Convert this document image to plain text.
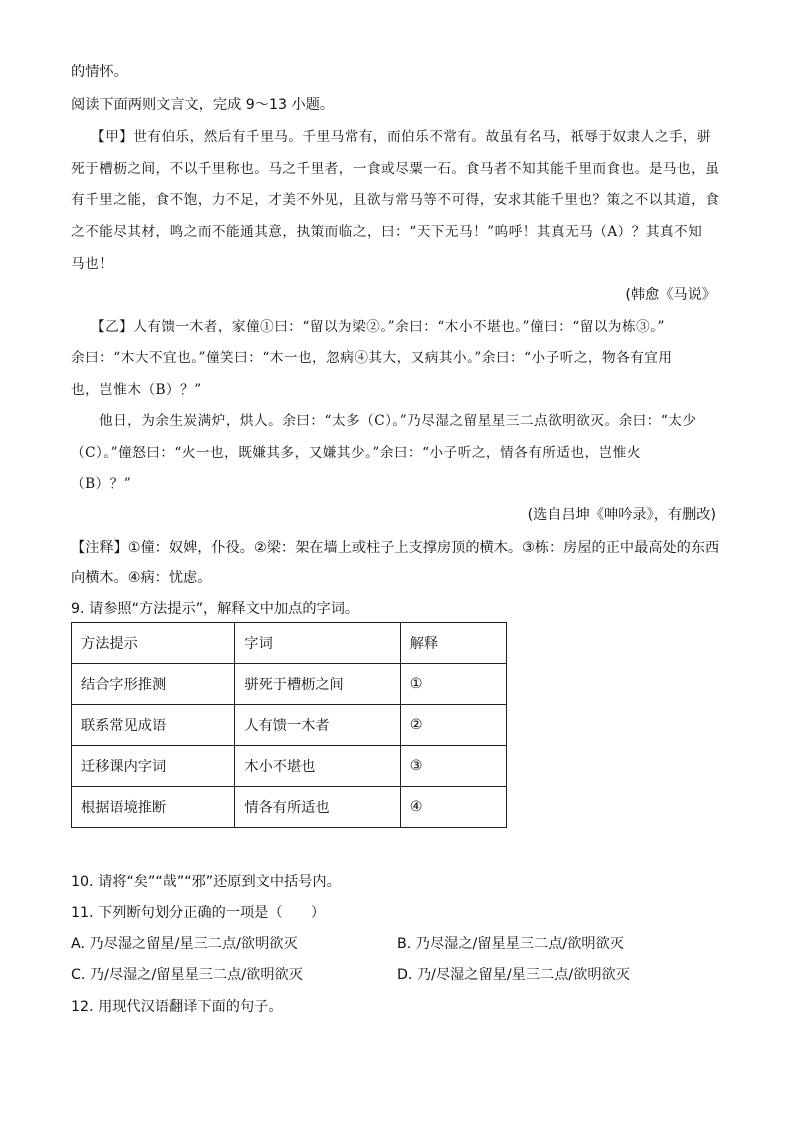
的情怀。
阅读下面两则文言文，完成 9～13 小题。
【甲】世有伯乐，然后有千里马。千里马常有，而伯乐不常有。故虽有名马，祇辱于奴隶人之手，骈
死于槽枥之间，不以千里称也。马之千里者，一食或尽粟一石。食马者不知其能千里而食也。是马也，虽
有千里之能，食不饱，力不足，才美不外见，且欲与常马等不可得，安求其能千里也？策之不以其道，食
之不能尽其材，鸣之而不能通其意，执策而临之，曰：“天下无马！”呜呼！其真无马（A）？其真不知
马也！
(韩愈《马说》
【乙】人有馈一木者，家僮①曰：“留以为梁②。”余曰：“木小不堪也。”僮曰：“留以为栋③。”
余曰：“木大不宜也。”僮笑曰：“木一也，忽病④其大，又病其小。”余曰：“小子听之，物各有宜用
也，岂惟木（B）？”
他日，为余生炭满炉，烘人。余曰：“太多（C）。”乃尽湿之留星星三二点欲明欲灭。余曰：“太少
（C）。”僮怒曰：“火一也，既嫌其多，又嫌其少。”余曰：“小子听之，情各有所适也，岂惟火
（B）？”
(选自吕坤《呻吟录》，有删改)
【注释】①僮：奴婢，仆役。②梁：架在墙上或柱子上支撑房顶的横木。③栋：房屋的正中最高处的东西
向横木。④病：忧虑。
9. 请参照“方法提示”，解释文中加点的字词。
方法提示	字词	解释
结合字形推测	骈死于槽枥之间	①
联系常见成语	人有馈一木者	②
迁移课内字词	木小不堪也	③
根据语境推断	情各有所适也	④
10. 请将“矣”“哉”“邪”还原到文中括号内。
11. 下列断句划分正确的一项是（　　）
A. 乃尽湿之留星/星三二点/欲明欲灭	B. 乃尽湿之/留星星三二点/欲明欲灭
C. 乃/尽湿之/留星星三二点/欲明欲灭	D. 乃/尽湿之留星/星三二点/欲明欲灭
12. 用现代汉语翻译下面的句子。
